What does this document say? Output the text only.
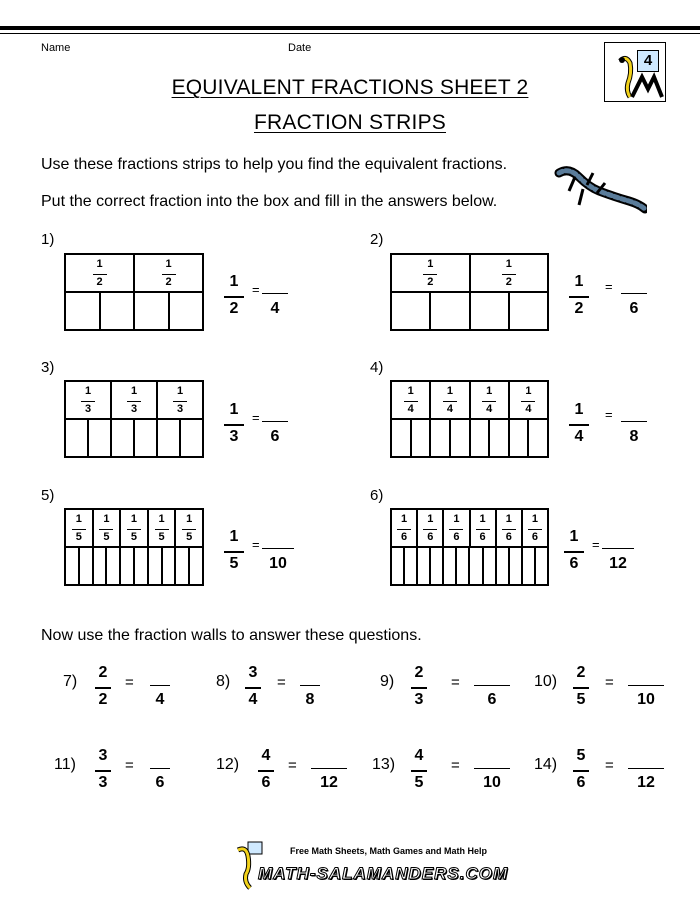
Name	Date
4
EQUIVALENT FRACTIONS SHEET 2
FRACTION STRIPS
Use these fractions strips to help you find the equivalent fractions.
Put the correct fraction into the box and fill in the answers below.
1)
1
2
1
2	1
2
=
4
2)
1
2
1
2	1
2
=
6
3)
1
3
1
3
1
3	1
3
=
6
4)
1
4
1
4
1
4
1
4	1
4
=
8
5)
1
5
1
5
1
5
1
5
1
5	1
5
=
10
6)
1
6
1
6
1
6
1
6
1
6
1
6	1
6
=
12
Now use the fraction walls to answer these questions.
7)
2
2
=
4
8)
3
4
=
8
9)
2
3
=
6
10)
2
5
=
10
11)
3
3
=
6
12)
4
6
=
12
13)
4
5
=
10
14)
5
6
=
12
Free Math Sheets, Math Games and Math Help
MATH-SALAMANDERS.COM
